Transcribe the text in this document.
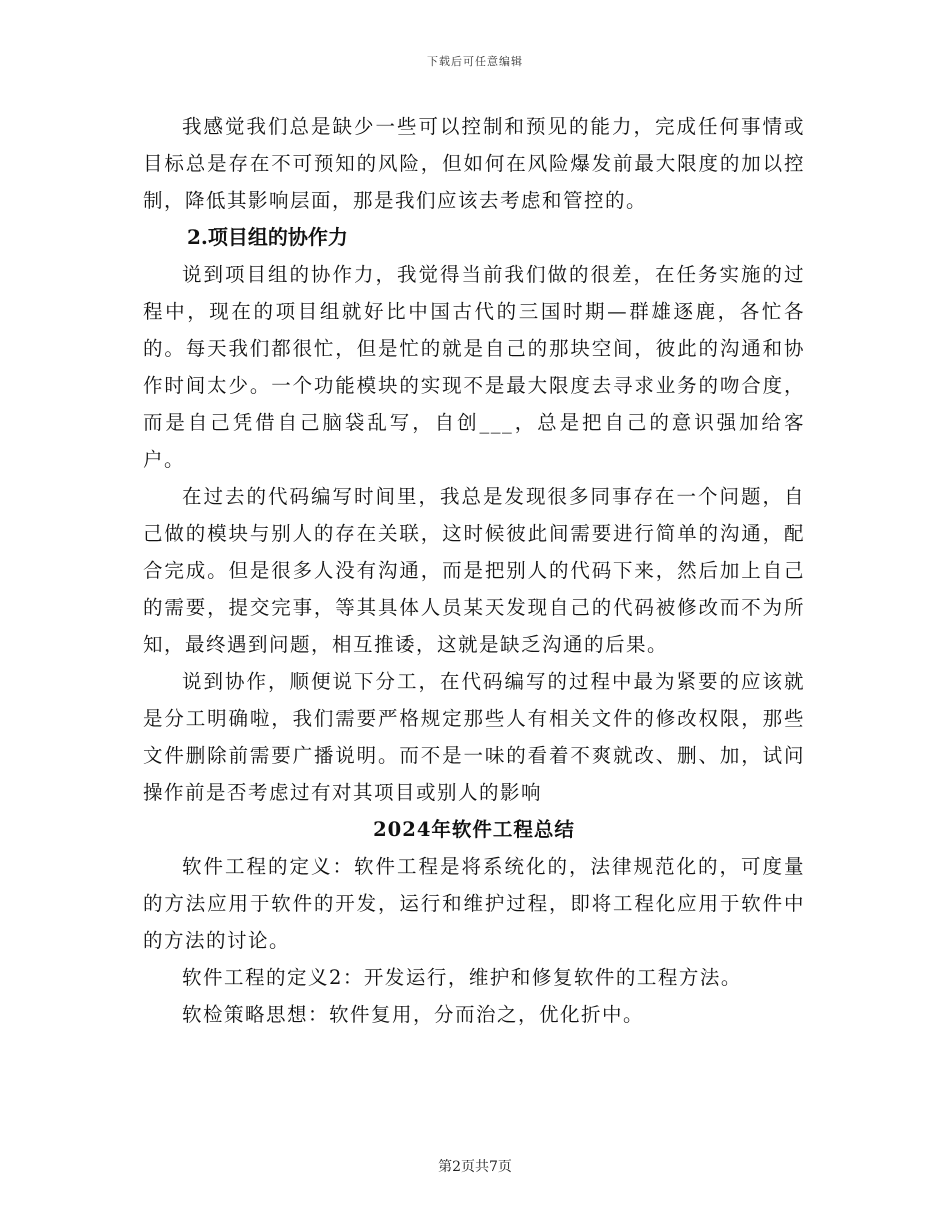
下载后可任意编辑

我感觉我们总是缺少一些可以控制和预见的能力，完成任何事情或目标总是存在不可预知的风险，但如何在风险爆发前最大限度的加以控制，降低其影响层面，那是我们应该去考虑和管控的。

2.项目组的协作力

说到项目组的协作力，我觉得当前我们做的很差，在任务实施的过程中，现在的项目组就好比中国古代的三国时期—群雄逐鹿，各忙各的。每天我们都很忙，但是忙的就是自己的那块空间，彼此的沟通和协作时间太少。一个功能模块的实现不是最大限度去寻求业务的吻合度，而是自己凭借自己脑袋乱写，自创___，总是把自己的意识强加给客户。

在过去的代码编写时间里，我总是发现很多同事存在一个问题，自己做的模块与别人的存在关联，这时候彼此间需要进行简单的沟通，配合完成。但是很多人没有沟通，而是把别人的代码下来，然后加上自己的需要，提交完事，等其具体人员某天发现自己的代码被修改而不为所知，最终遇到问题，相互推诿，这就是缺乏沟通的后果。

说到协作，顺便说下分工，在代码编写的过程中最为紧要的应该就是分工明确啦，我们需要严格规定那些人有相关文件的修改权限，那些文件删除前需要广播说明。而不是一味的看着不爽就改、删、加，试问操作前是否考虑过有对其项目或别人的影响

2024年软件工程总结

软件工程的定义：软件工程是将系统化的，法律规范化的，可度量的方法应用于软件的开发，运行和维护过程，即将工程化应用于软件中的方法的讨论。

软件工程的定义2：开发运行，维护和修复软件的工程方法。

软检策略思想：软件复用，分而治之，优化折中。

第2页共7页
